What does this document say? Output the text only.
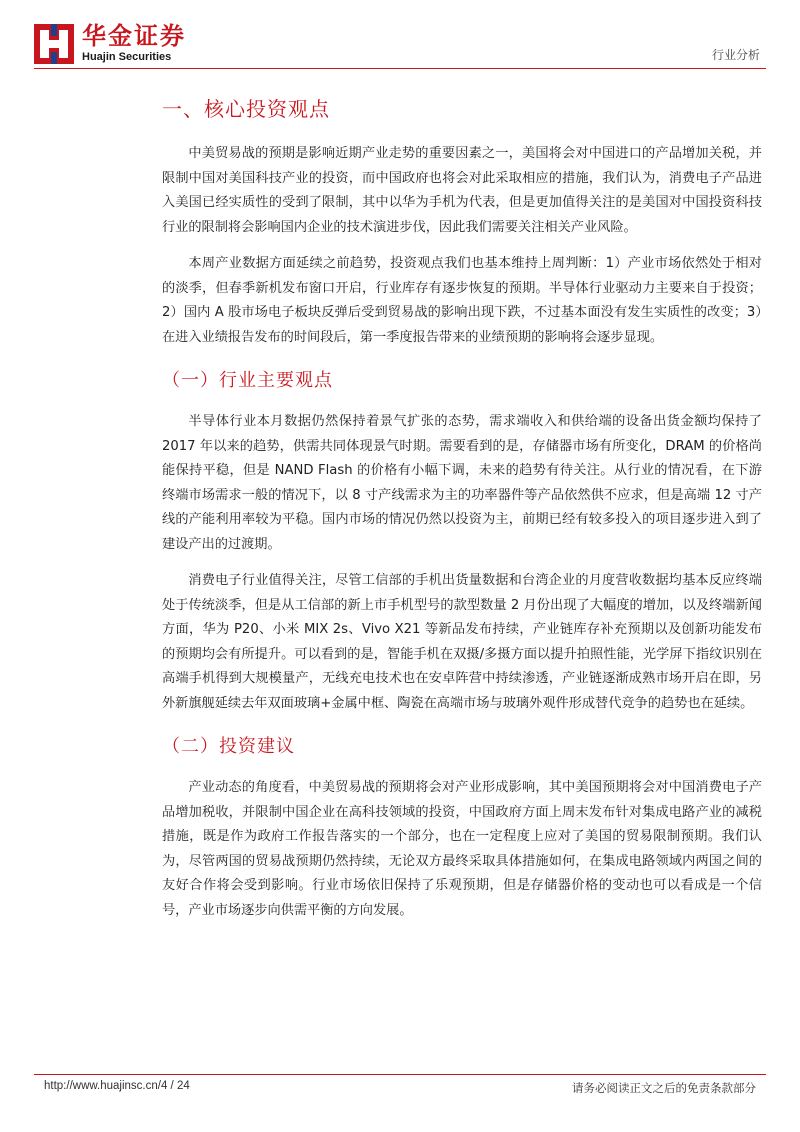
华金证券
Huajin Securities	行业分析
一、核心投资观点

中美贸易战的预期是影响近期产业走势的重要因素之一，美国将会对中国进口的产品增加关税，并限制中国对美国科技产业的投资，而中国政府也将会对此采取相应的措施，我们认为，消费电子产品进入美国已经实质性的受到了限制，其中以华为手机为代表，但是更加值得关注的是美国对中国投资科技行业的限制将会影响国内企业的技术演进步伐，因此我们需要关注相关产业风险。

本周产业数据方面延续之前趋势，投资观点我们也基本维持上周判断：1）产业市场依然处于相对的淡季，但春季新机发布窗口开启，行业库存有逐步恢复的预期。半导体行业驱动力主要来自于投资；2）国内 A 股市场电子板块反弹后受到贸易战的影响出现下跌，不过基本面没有发生实质性的改变；3）在进入业绩报告发布的时间段后，第一季度报告带来的业绩预期的影响将会逐步显现。

（一）行业主要观点

半导体行业本月数据仍然保持着景气扩张的态势，需求端收入和供给端的设备出货金额均保持了 2017 年以来的趋势，供需共同体现景气时期。需要看到的是，存储器市场有所变化，DRAM 的价格尚能保持平稳，但是 NAND Flash 的价格有小幅下调，未来的趋势有待关注。从行业的情况看，在下游终端市场需求一般的情况下，以 8 寸产线需求为主的功率器件等产品依然供不应求，但是高端 12 寸产线的产能利用率较为平稳。国内市场的情况仍然以投资为主，前期已经有较多投入的项目逐步进入到了建设产出的过渡期。

消费电子行业值得关注，尽管工信部的手机出货量数据和台湾企业的月度营收数据均基本反应终端处于传统淡季，但是从工信部的新上市手机型号的款型数量 2 月份出现了大幅度的增加，以及终端新闻方面，华为 P20、小米 MIX 2s、Vivo X21 等新品发布持续，产业链库存补充预期以及创新功能发布的预期均会有所提升。可以看到的是，智能手机在双摄/多摄方面以提升拍照性能，光学屏下指纹识别在高端手机得到大规模量产，无线充电技术也在安卓阵营中持续渗透，产业链逐渐成熟市场开启在即，另外新旗舰延续去年双面玻璃+金属中框、陶瓷在高端市场与玻璃外观件形成替代竞争的趋势也在延续。

（二）投资建议

产业动态的角度看，中美贸易战的预期将会对产业形成影响，其中美国预期将会对中国消费电子产品增加税收，并限制中国企业在高科技领域的投资，中国政府方面上周末发布针对集成电路产业的减税措施，既是作为政府工作报告落实的一个部分，也在一定程度上应对了美国的贸易限制预期。我们认为，尽管两国的贸易战预期仍然持续，无论双方最终采取具体措施如何，在集成电路领域内两国之间的友好合作将会受到影响。行业市场依旧保持了乐观预期，但是存储器价格的变动也可以看成是一个信号，产业市场逐步向供需平衡的方向发展。

http://www.huajinsc.cn/4 / 24	请务必阅读正文之后的免责条款部分
